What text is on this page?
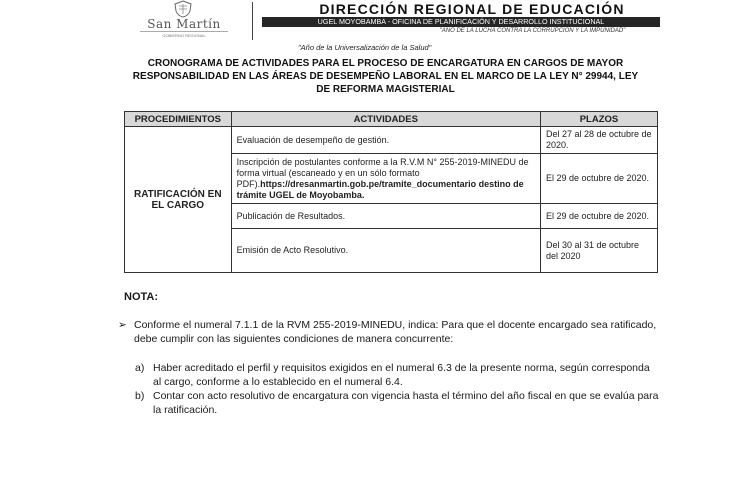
San Martín
GOBIERNO REGIONAL
DIRECCIÓN REGIONAL DE EDUCACIÓN
UGEL MOYOBAMBA - OFICINA DE PLANIFICACIÓN Y DESARROLLO INSTITUCIONAL
"AÑO DE LA LUCHA CONTRA LA CORRUPCIÓN Y LA IMPUNIDAD"
"Año de la Universalización de la Salud"
CRONOGRAMA DE ACTIVIDADES PARA EL PROCESO DE ENCARGATURA EN CARGOS DE MAYOR RESPONSABILIDAD EN LAS ÁREAS DE DESEMPEÑO LABORAL EN EL MARCO DE LA LEY N° 29944, LEY DE REFORMA MAGISTERIAL
PROCEDIMIENTOS	ACTIVIDADES	PLAZOS
RATIFICACIÓN EN EL CARGO	Evaluación de desempeño de gestión.	Del 27 al 28 de octubre de 2020.
	Inscripción de postulantes conforme a la R.V.M N° 255-2019-MINEDU de forma virtual (escaneado y en un sólo formato PDF).https://dresanmartin.gob.pe/tramite_documentario destino de trámite UGEL de Moyobamba.	El 29 de octubre de 2020.
	Publicación de Resultados.	El 29 de octubre de 2020.
	Emisión de Acto Resolutivo.	Del 30 al 31 de octubre del 2020
NOTA:
➢ Conforme el numeral 7.1.1 de la RVM 255-2019-MINEDU, indica: Para que el docente encargado sea ratificado, debe cumplir con las siguientes condiciones de manera concurrente:
a) Haber acreditado el perfil y requisitos exigidos en el numeral 6.3 de la presente norma, según corresponda al cargo, conforme a lo establecido en el numeral 6.4.
b) Contar con acto resolutivo de encargatura con vigencia hasta el término del año fiscal en que se evalúa para la ratificación.
